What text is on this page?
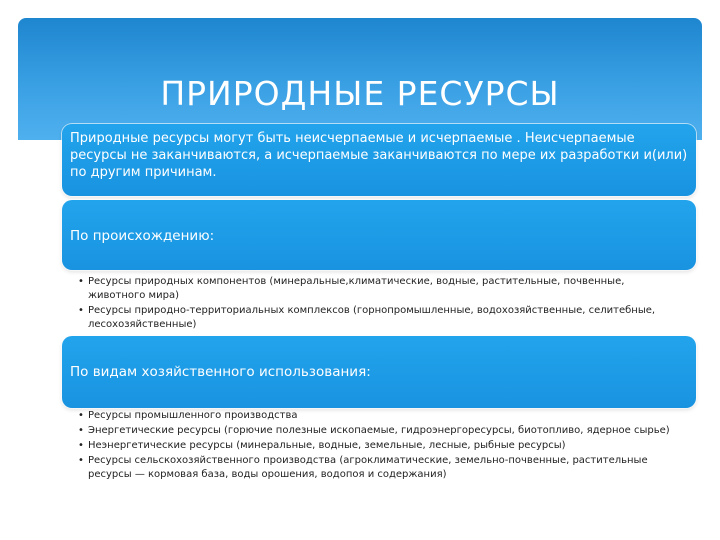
ПРИРОДНЫЕ РЕСУРСЫ
Природные ресурсы могут быть неисчерпаемые и исчерпаемые . Неисчерпаемые ресурсы не заканчиваются, а исчерпаемые заканчиваются по мере их разработки и(или) по другим причинам.
По происхождению:
• Ресурсы природных компонентов (минеральные,климатические, водные, растительные, почвенные, животного мира)
• Ресурсы природно-территориальных комплексов (горнопромышленные, водохозяйственные, селитебные, лесохозяйственные)
По видам хозяйственного использования:
• Ресурсы промышленного производства
• Энергетические ресурсы (горючие полезные ископаемые, гидроэнергоресурсы, биотопливо, ядерное сырье)
• Неэнергетические ресурсы (минеральные, водные, земельные, лесные, рыбные ресурсы)
• Ресурсы сельскохозяйственного производства (агроклиматические, земельно-почвенные, растительные ресурсы — кормовая база, воды орошения, водопоя и содержания)
